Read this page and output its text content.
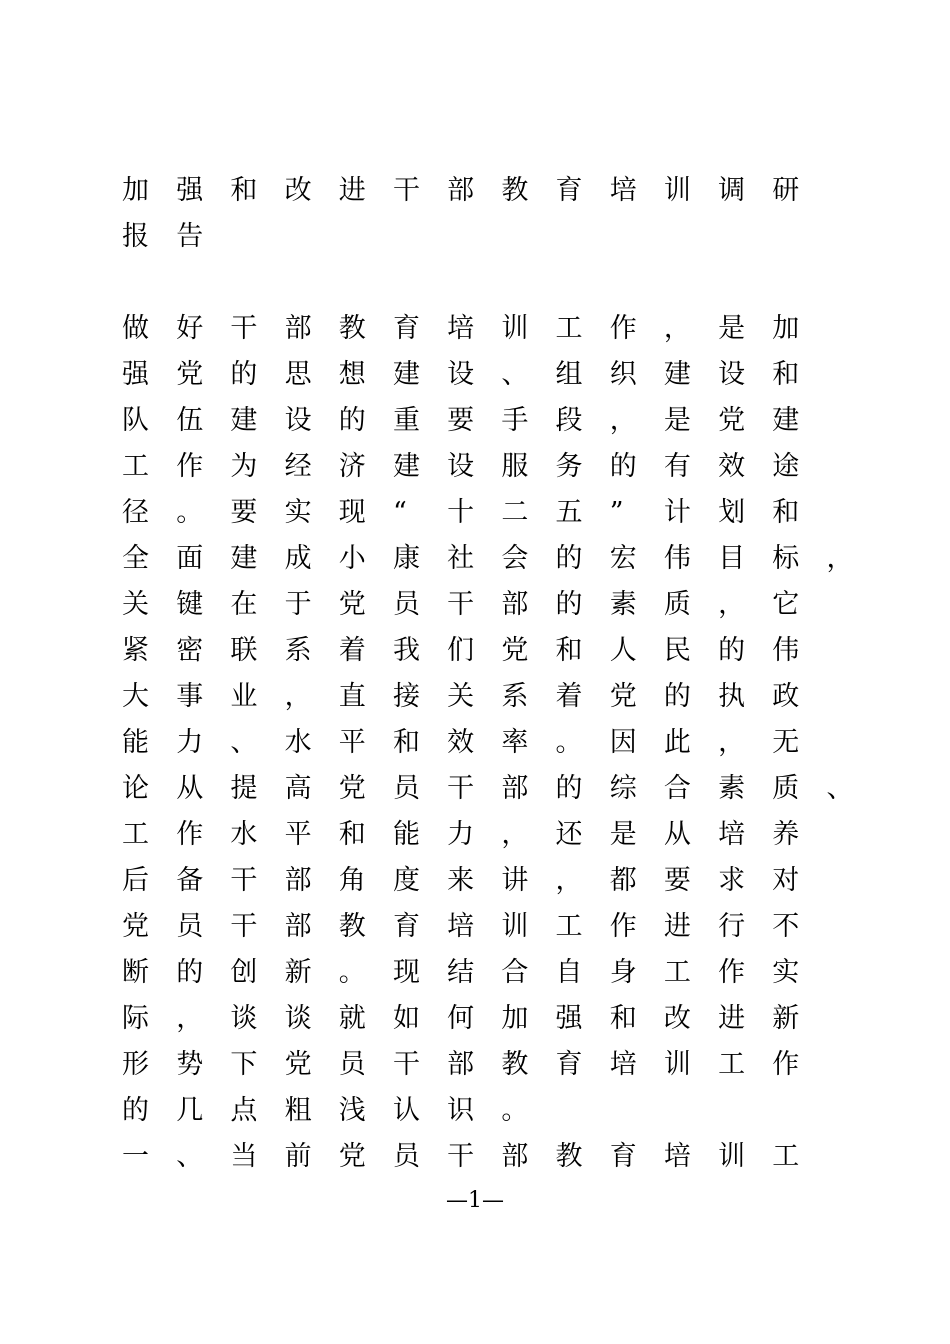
加	强	和	改	进	干	部	教	育	培	训	调	研
报	告
做	好	干	部	教	育	培	训	工	作	，	是	加
强	党	的	思	想	建	设	、	组	织	建	设	和
队	伍	建	设	的	重	要	手	段	，	是	党	建
工	作	为	经	济	建	设	服	务	的	有	效	途
径	。	要	实	现	“	十	二	五	”	计	划	和
全	面	建	成	小	康	社	会	的	宏	伟	目	标	，
关	键	在	于	党	员	干	部	的	素	质	，	它
紧	密	联	系	着	我	们	党	和	人	民	的	伟
大	事	业	，	直	接	关	系	着	党	的	执	政
能	力	、	水	平	和	效	率	。	因	此	，	无
论	从	提	高	党	员	干	部	的	综	合	素	质	、
工	作	水	平	和	能	力	，	还	是	从	培	养
后	备	干	部	角	度	来	讲	，	都	要	求	对
党	员	干	部	教	育	培	训	工	作	进	行	不
断	的	创	新	。	现	结	合	自	身	工	作	实
际	，	谈	谈	就	如	何	加	强	和	改	进	新
形	势	下	党	员	干	部	教	育	培	训	工	作
的	几	点	粗	浅	认	识	。
一	、	当	前	党	员	干	部	教	育	培	训	工
—1—
